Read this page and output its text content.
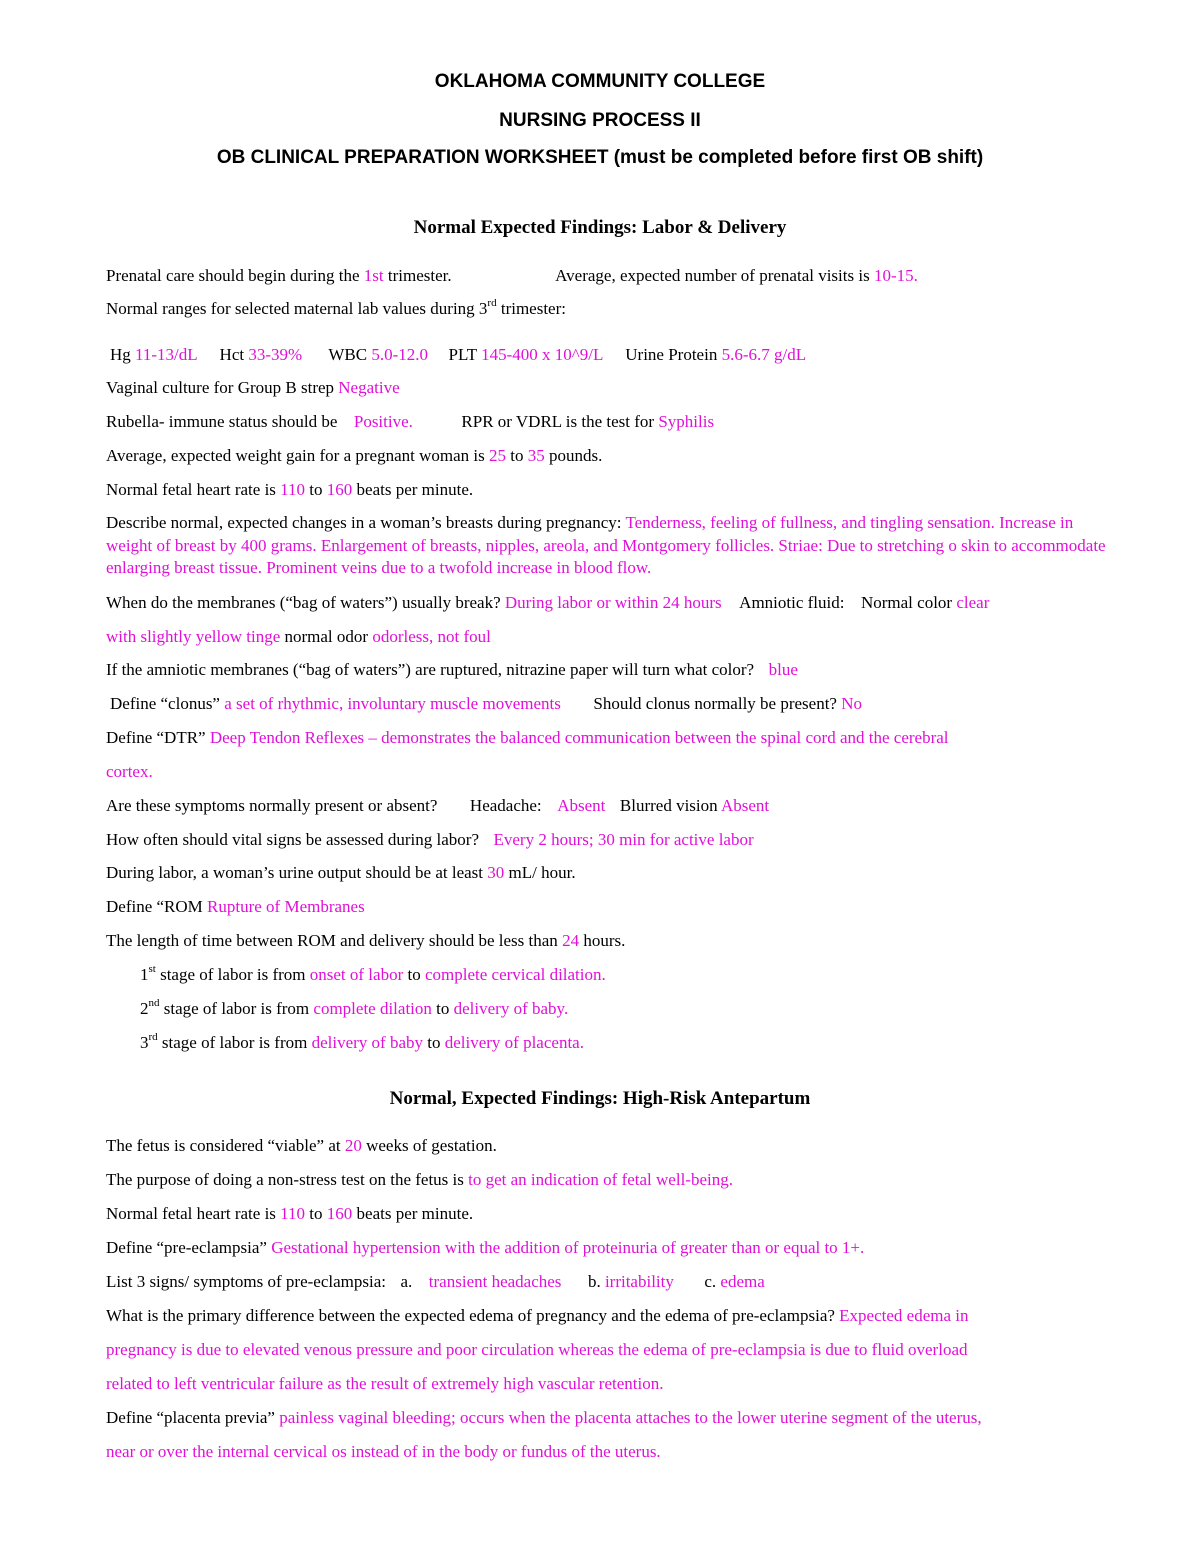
OKLAHOMA COMMUNITY COLLEGE
NURSING PROCESS II
OB CLINICAL PREPARATION WORKSHEET (must be completed before first OB shift)
Normal Expected Findings: Labor & Delivery
Prenatal care should begin during the 1st trimester.	Average, expected number of prenatal visits is 10-15.
Normal ranges for selected maternal lab values during 3rd trimester:
Hg 11-13/dL Hct 33-39% WBC 5.0-12.0 PLT 145-400 x 10^9/L Urine Protein 5.6-6.7 g/dL
Vaginal culture for Group B strep Negative
Rubella- immune status should be Positive.	RPR or VDRL is the test for Syphilis
Average, expected weight gain for a pregnant woman is 25 to 35 pounds.
Normal fetal heart rate is 110 to 160 beats per minute.
Describe normal, expected changes in a woman’s breasts during pregnancy: Tenderness, feeling of fullness, and tingling sensation. Increase in weight of breast by 400 grams. Enlargement of breasts, nipples, areola, and Montgomery follicles. Striae: Due to stretching o skin to accommodate enlarging breast tissue. Prominent veins due to a twofold increase in blood flow.
When do the membranes (“bag of waters”) usually break? During labor or within 24 hours Amniotic fluid: Normal color clear
with slightly yellow tinge normal odor odorless, not foul
If the amniotic membranes (“bag of waters”) are ruptured, nitrazine paper will turn what color? blue
Define “clonus” a set of rhythmic, involuntary muscle movements Should clonus normally be present? No
Define “DTR” Deep Tendon Reflexes – demonstrates the balanced communication between the spinal cord and the cerebral
cortex.
Are these symptoms normally present or absent? Headache: Absent Blurred vision Absent
How often should vital signs be assessed during labor? Every 2 hours; 30 min for active labor
During labor, a woman’s urine output should be at least 30 mL/ hour.
Define “ROM Rupture of Membranes
The length of time between ROM and delivery should be less than 24 hours.
1st stage of labor is from onset of labor to complete cervical dilation.
2nd stage of labor is from complete dilation to delivery of baby.
3rd stage of labor is from delivery of baby to delivery of placenta.
Normal, Expected Findings: High-Risk Antepartum
The fetus is considered “viable” at 20 weeks of gestation.
The purpose of doing a non-stress test on the fetus is to get an indication of fetal well-being.
Normal fetal heart rate is 110 to 160 beats per minute.
Define “pre-eclampsia” Gestational hypertension with the addition of proteinuria of greater than or equal to 1+.
List 3 signs/ symptoms of pre-eclampsia: a. transient headaches b. irritability c. edema
What is the primary difference between the expected edema of pregnancy and the edema of pre-eclampsia? Expected edema in
pregnancy is due to elevated venous pressure and poor circulation whereas the edema of pre-eclampsia is due to fluid overload
related to left ventricular failure as the result of extremely high vascular retention.
Define “placenta previa” painless vaginal bleeding; occurs when the placenta attaches to the lower uterine segment of the uterus,
near or over the internal cervical os instead of in the body or fundus of the uterus.
